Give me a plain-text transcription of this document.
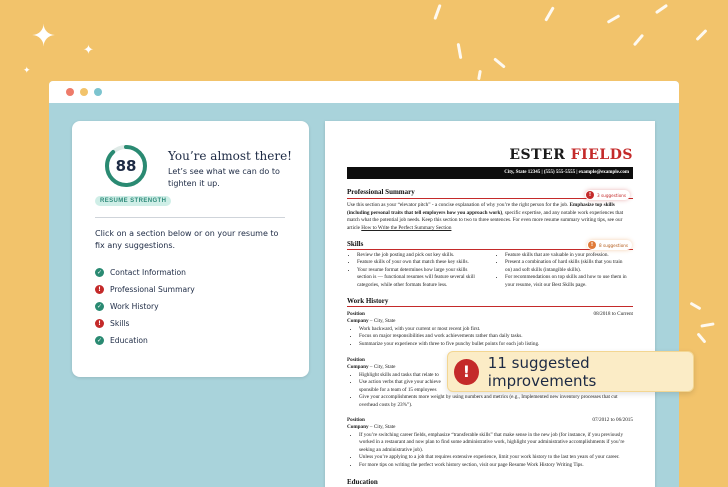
✦ ✦
✦
88
RESUME STRENGTH
You’re almost there!
Let’s see what we can do to tighten it up.
Click on a section below or on your resume to fix any suggestions.
✓ Contact Information
!	Professional Summary
✓ Work History
!	Skills
✓ Education
ESTER FIELDS
City, State 12345 | (555) 555-5555 | example@example.com
Professional Summary	!	3 suggestions
Use this section as your “elevator pitch” - a concise explanation of why you’re the right person for the job. Emphasize top skills (including personal traits that tell employers how you approach work), specific expertise, and any notable work experiences that match what the potential job needs. Keep this section to two to three sentences. For even more resume summary writing tips, see our article How to Write the Perfect Summary Section
Skills	!	8 suggestions
• Review the job posting and pick out key skills.
• Feature skills of your own that match these key skills.
• Your resume format determines how large your skills section is — functional resumes will feature several skill categories, while other formats feature less.
• Feature skills that are valuable in your profession.
• Present a combination of hard skills (skills that you train on) and soft skills (intangible skills).
• For recommendations on top skills and how to use them in your resume, visit our Best Skills page.
Work History
Position
Company – City, State
08/2018 to Current
• Work backward, with your current or most recent job first.
• Focus on major responsibilities and work achievements rather than daily tasks.
• Summarize your experience with three to five punchy bullet points for each job listing.
Position
Company – City, State
• Highlight skills and tasks that relate to
• Use action verbs that give your achieve
sponsible for a team of 15 employees
• Give your accomplishments more weight by using numbers and metrics (e.g., Implemented new inventory processes that cut overhead costs by 23%”).
Position
Company – City, State
07/2012 to 06/2015
• If you’re switching career fields, emphasize “transferable skills” that make sense in the new job (for instance, if you previously worked in a restaurant and now plan to find some administrative work, highlight your administrative accomplishments if you’re seeking an administrative job).
• Unless you’re applying to a job that requires extensive experience, limit your work history to the last ten years of your career.
• For more tips on writing the perfect work history section, visit our page Resume Work History Writing Tips.
Education
!	11 suggested improvements
